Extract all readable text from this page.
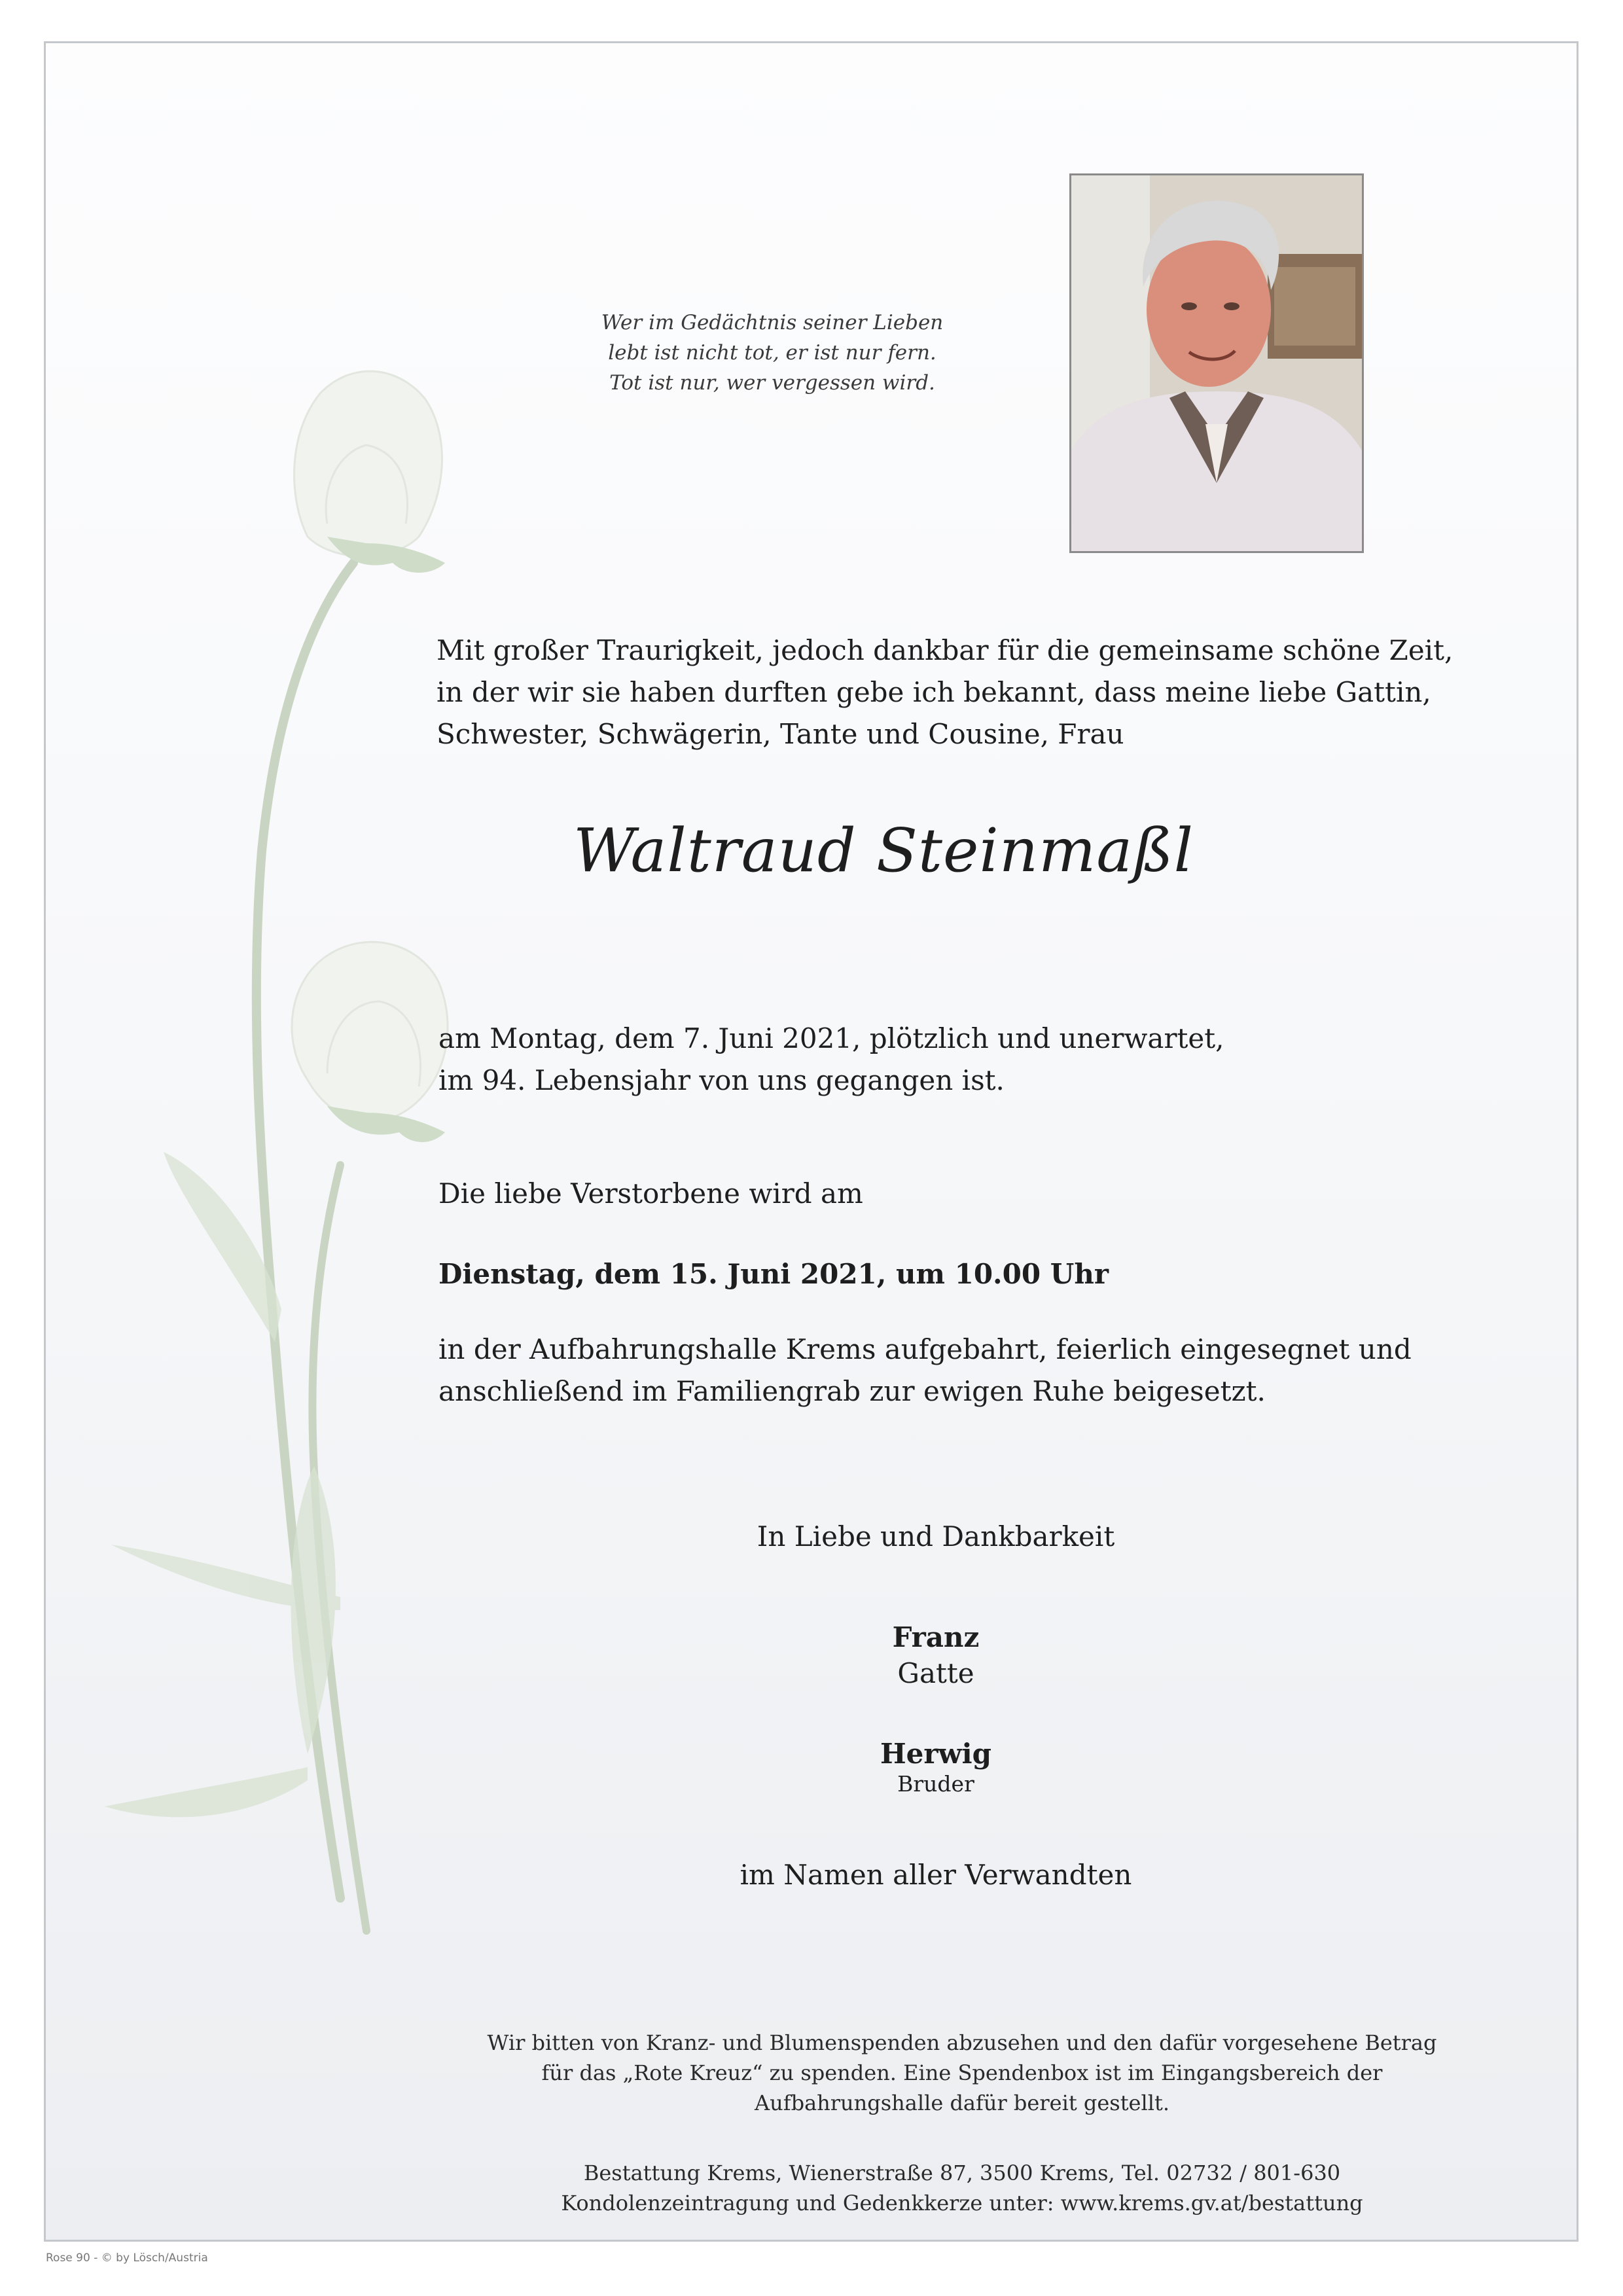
Wer im Gedächtnis seiner Lieben
lebt ist nicht tot, er ist nur fern.
Tot ist nur, wer vergessen wird.
Mit großer Traurigkeit, jedoch dankbar für die gemeinsame schöne Zeit,
in der wir sie haben durften gebe ich bekannt, dass meine liebe Gattin,
Schwester, Schwägerin, Tante und Cousine, Frau
Waltraud Steinmaßl
am Montag, dem 7. Juni 2021, plötzlich und unerwartet,
im 94. Lebensjahr von uns gegangen ist.
Die liebe Verstorbene wird am
Dienstag, dem 15. Juni 2021, um 10.00 Uhr
in der Aufbahrungshalle Krems aufgebahrt, feierlich eingesegnet und
anschließend im Familiengrab zur ewigen Ruhe beigesetzt.
In Liebe und Dankbarkeit
Franz
Gatte
Herwig
Bruder
im Namen aller Verwandten
Wir bitten von Kranz- und Blumenspenden abzusehen und den dafür vorgesehene Betrag
für das „Rote Kreuz“ zu spenden. Eine Spendenbox ist im Eingangsbereich der
Aufbahrungshalle dafür bereit gestellt.
Bestattung Krems, Wienerstraße 87, 3500 Krems, Tel. 02732 / 801-630
Kondolenzeintragung und Gedenkkerze unter: www.krems.gv.at/bestattung
Rose 90 - © by Lösch/Austria
